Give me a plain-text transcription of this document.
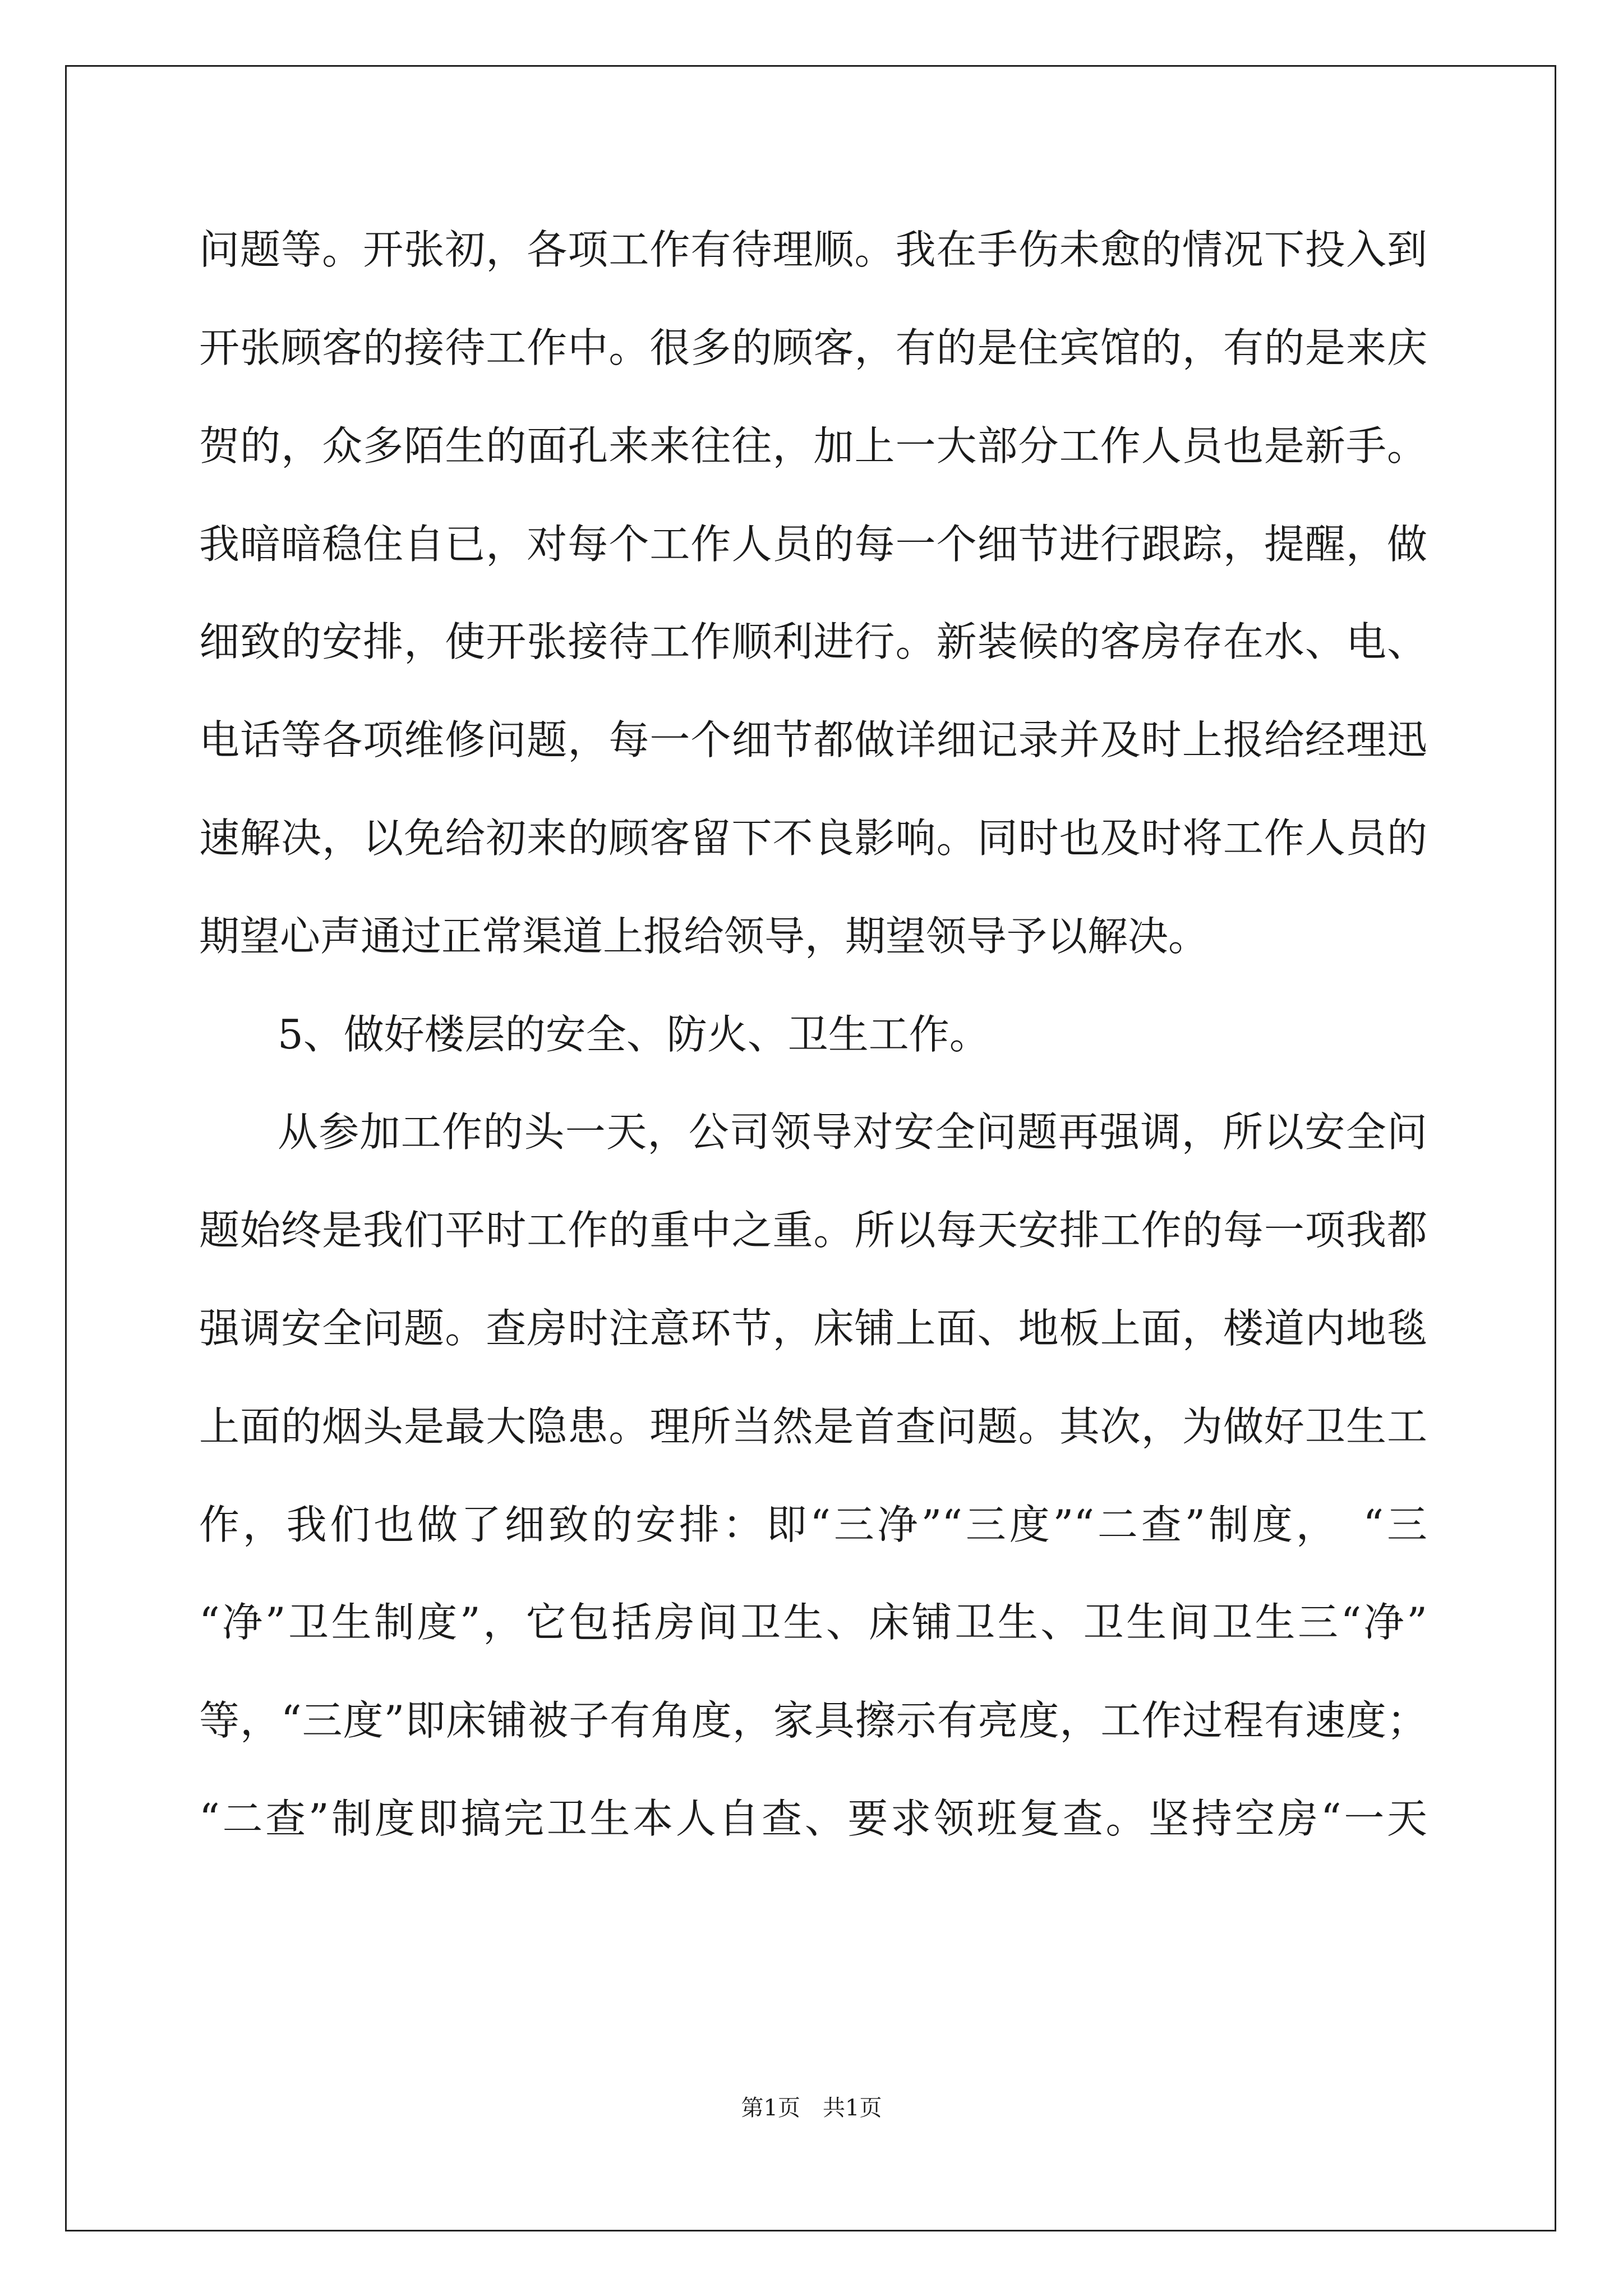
问题等。开张初，各项工作有待理顺。我在手伤未愈的情况下投入到
开张顾客的接待工作中。很多的顾客，有的是住宾馆的，有的是来庆
贺的，众多陌生的面孔来来往往，加上一大部分工作人员也是新手。
我暗暗稳住自已，对每个工作人员的每一个细节进行跟踪，提醒，做
细致的安排，使开张接待工作顺利进行。新装候的客房存在水、电、
电话等各项维修问题，每一个细节都做详细记录并及时上报给经理迅
速解决，以免给初来的顾客留下不良影响。同时也及时将工作人员的
期望心声通过正常渠道上报给领导，期望领导予以解决。
5、做好楼层的安全、防火、卫生工作。
从参加工作的头一天，公司领导对安全问题再强调，所以安全问
题始终是我们平时工作的重中之重。所以每天安排工作的每一项我都
强调安全问题。查房时注意环节，床铺上面、地板上面，楼道内地毯
上面的烟头是最大隐患。理所当然是首查问题。其次，为做好卫生工
作，我们也做了细致的安排：即“三净”“三度”“二查”制度，　“三
“净”卫生制度”，它包括房间卫生、床铺卫生、卫生间卫生三“净”
等，“三度”即床铺被子有角度，家具擦示有亮度，工作过程有速度；
“二查”制度即搞完卫生本人自查、要求领班复查。坚持空房“一天
第1页　共1页
